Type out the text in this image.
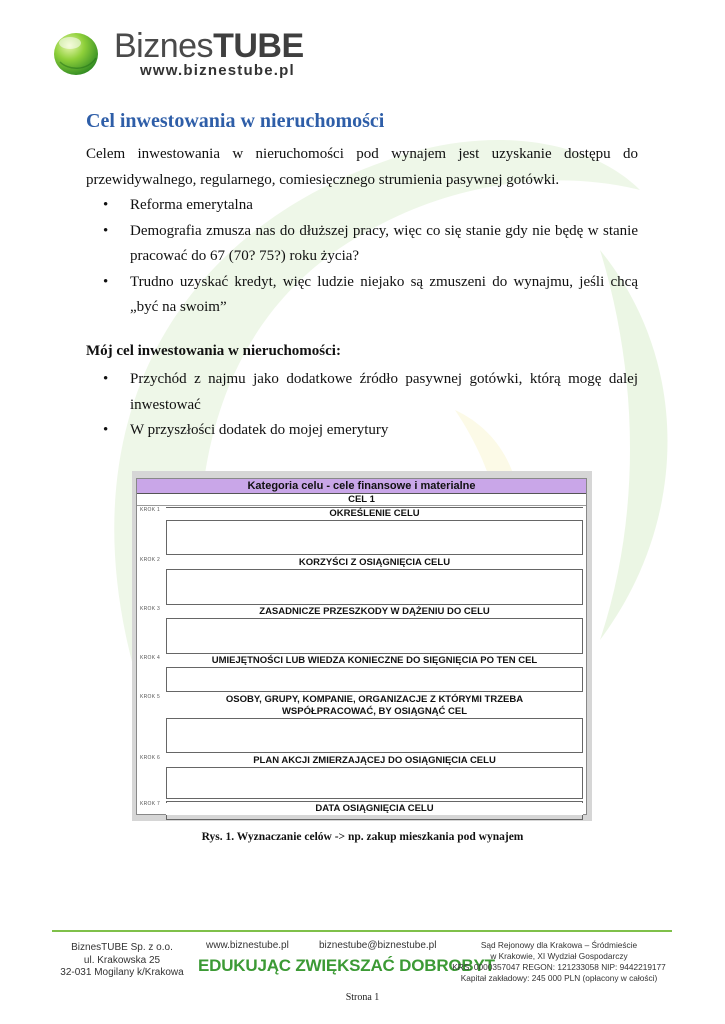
BiznesTUBE
www.biznestube.pl
Cel inwestowania w nieruchomości

Celem inwestowania w nieruchomości pod wynajem jest uzyskanie dostępu do przewidywalnego, regularnego, comiesięcznego strumienia pasywnej gotówki.

• Reforma emerytalna
• Demografia zmusza nas do dłuższej pracy, więc co się stanie gdy nie będę w stanie pracować do 67 (70? 75?) roku życia?
• Trudno uzyskać kredyt, więc ludzie niejako są zmuszeni do wynajmu, jeśli chcą „być na swoim”
Mój cel inwestowania w nieruchomości:
• Przychód z najmu jako dodatkowe źródło pasywnej gotówki, którą mogę dalej inwestować
• W przyszłości dodatek do mojej emerytury
Kategoria celu - cele finansowe i materialne
CEL 1
KROK 1	OKREŚLENIE CELU
KROK 2	KORZYŚCI Z OSIĄGNIĘCIA CELU
KROK 3	ZASADNICZE PRZESZKODY W DĄŻENIU DO CELU
KROK 4	UMIEJĘTNOŚCI LUB WIEDZA KONIECZNE DO SIĘGNIĘCIA PO TEN CEL
KROK 5	OSOBY, GRUPY, KOMPANIE, ORGANIZACJE Z KTÓRYMI TRZEBA WSPÓŁPRACOWAĆ, BY OSIĄGNĄĆ CEL
KROK 6	PLAN AKCJI ZMIERZAJĄCEJ DO OSIĄGNIĘCIA CELU
KROK 7	DATA OSIĄGNIĘCIA CELU

Rys. 1. Wyznaczanie celów -> np. zakup mieszkania pod wynajem

BiznesTUBE Sp. z o.o.
ul. Krakowska 25
32-031 Mogilany k/Krakowa
www.biznestube.pl	biznestube@biznestube.pl
EDUKUJĄC ZWIĘKSZAĆ DOBROBYT
Sąd Rejonowy dla Krakowa – Śródmieście
w Krakowie, XI Wydział Gospodarczy
KRS: 0000357047 REGON: 121233058 NIP: 9442219177
Kapitał zakładowy: 245 000 PLN (opłacony w całości)
Strona 1
